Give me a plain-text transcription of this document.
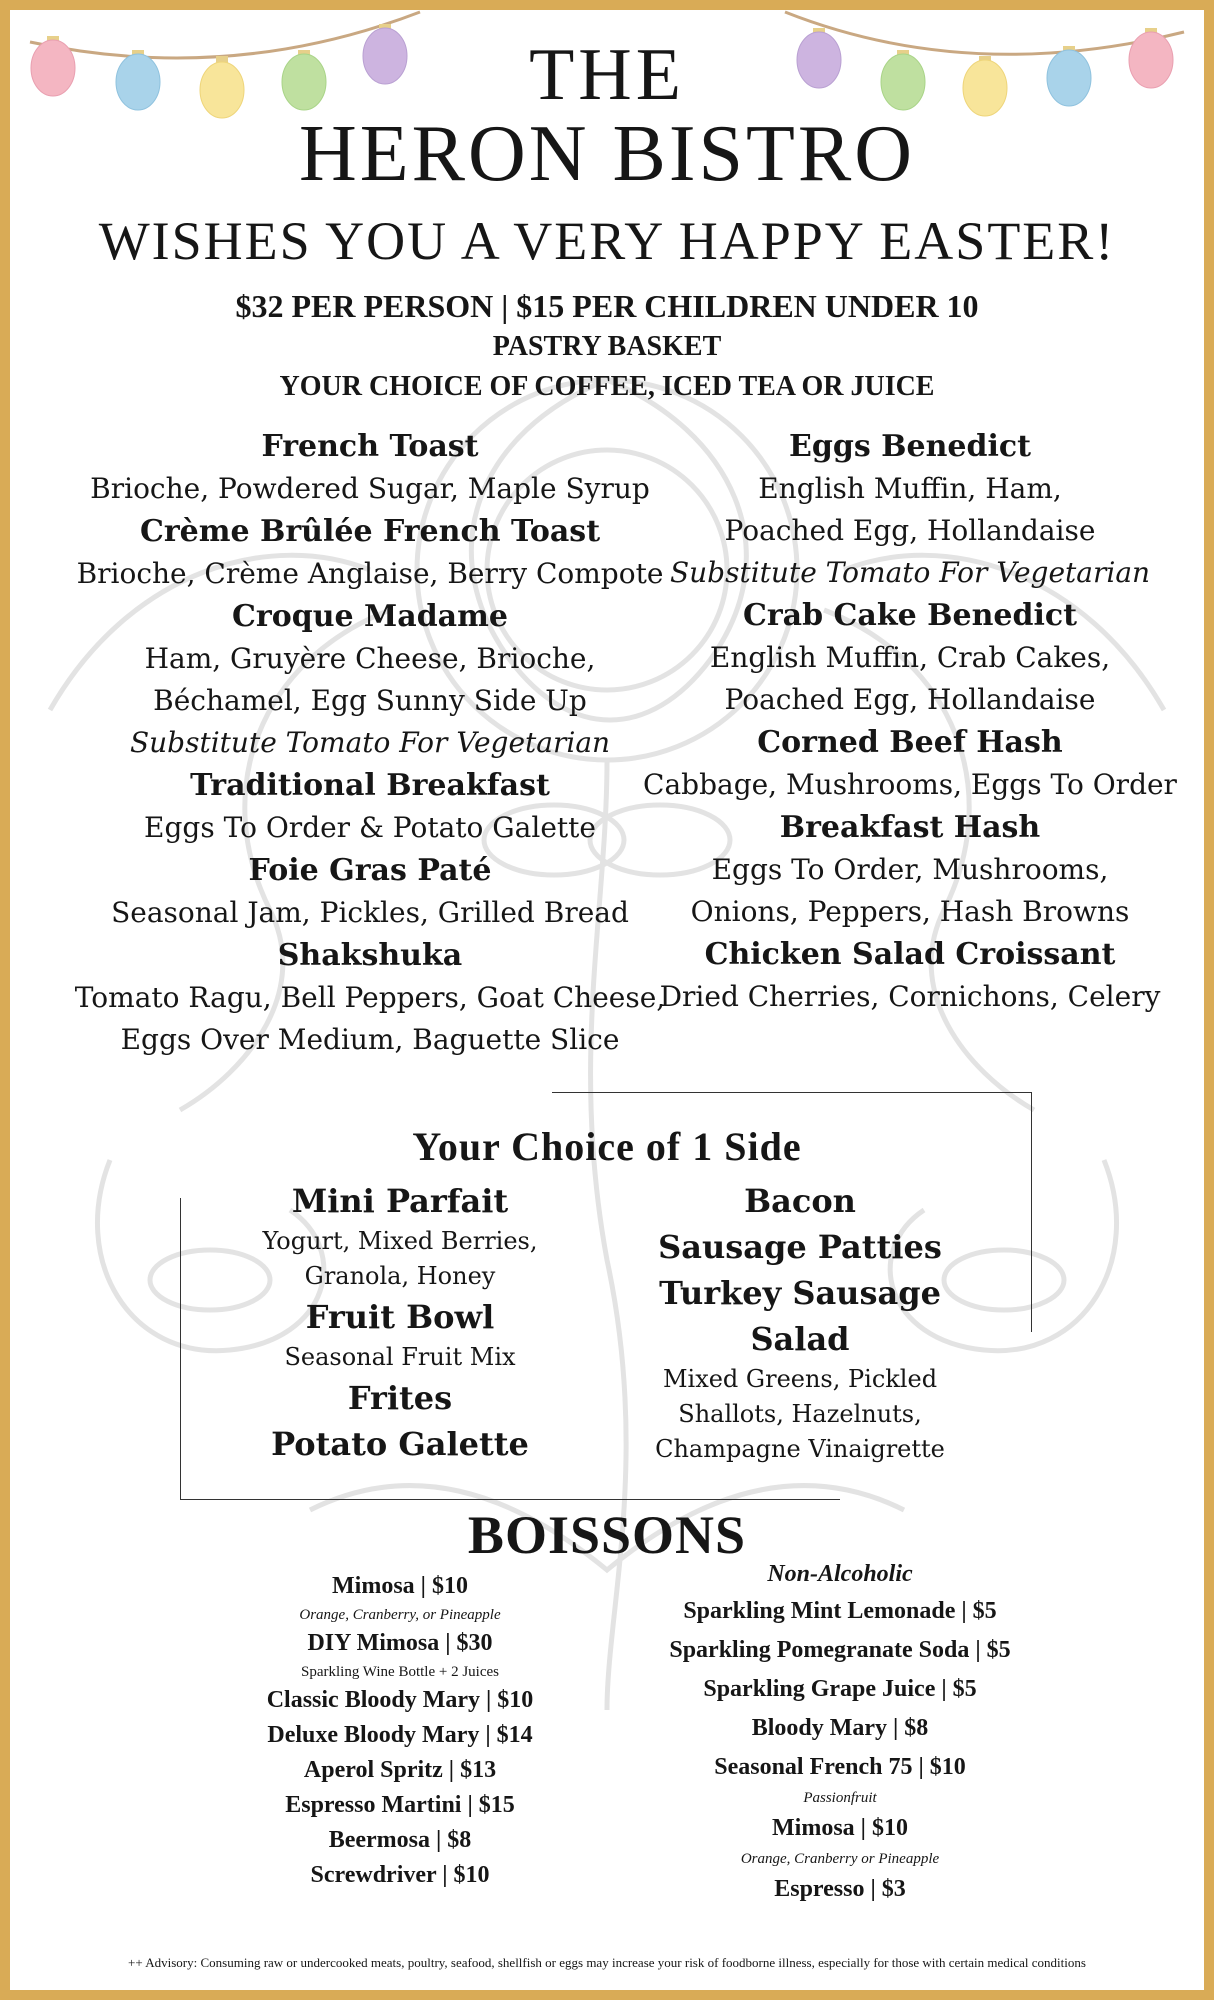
THE
HERON BISTRO
WISHES YOU A VERY HAPPY EASTER!
$32 PER PERSON | $15 PER CHILDREN UNDER 10
PASTRY BASKET
YOUR CHOICE OF COFFEE, ICED TEA OR JUICE
French Toast
Brioche, Powdered Sugar, Maple Syrup
Crème Brûlée French Toast
Brioche, Crème Anglaise, Berry Compote
Croque Madame
Ham, Gruyère Cheese, Brioche,
Béchamel, Egg Sunny Side Up
Substitute Tomato For Vegetarian
Traditional Breakfast
Eggs To Order & Potato Galette
Foie Gras Paté
Seasonal Jam, Pickles, Grilled Bread
Shakshuka
Tomato Ragu, Bell Peppers, Goat Cheese,
Eggs Over Medium, Baguette Slice
Eggs Benedict
English Muffin, Ham,
Poached Egg, Hollandaise
Substitute Tomato For Vegetarian
Crab Cake Benedict
English Muffin, Crab Cakes,
Poached Egg, Hollandaise
Corned Beef Hash
Cabbage, Mushrooms, Eggs To Order
Breakfast Hash
Eggs To Order, Mushrooms,
Onions, Peppers, Hash Browns
Chicken Salad Croissant
Dried Cherries, Cornichons, Celery
Your Choice of 1 Side
Mini Parfait
Yogurt, Mixed Berries,
Granola, Honey
Fruit Bowl
Seasonal Fruit Mix
Frites
Potato Galette
Bacon
Sausage Patties
Turkey Sausage
Salad
Mixed Greens, Pickled
Shallots, Hazelnuts,
Champagne Vinaigrette
BOISSONS
Mimosa | $10
Orange, Cranberry, or Pineapple
DIY Mimosa | $30
Sparkling Wine Bottle + 2 Juices
Classic Bloody Mary | $10
Deluxe Bloody Mary | $14
Aperol Spritz | $13
Espresso Martini | $15
Beermosa | $8
Screwdriver | $10
Non-Alcoholic
Sparkling Mint Lemonade | $5
Sparkling Pomegranate Soda | $5
Sparkling Grape Juice | $5
Bloody Mary | $8
Seasonal French 75 | $10
Passionfruit
Mimosa | $10
Orange, Cranberry or Pineapple
Espresso | $3
++ Advisory: Consuming raw or undercooked meats, poultry, seafood, shellfish or eggs may increase your risk of foodborne illness, especially for those with certain medical conditions
